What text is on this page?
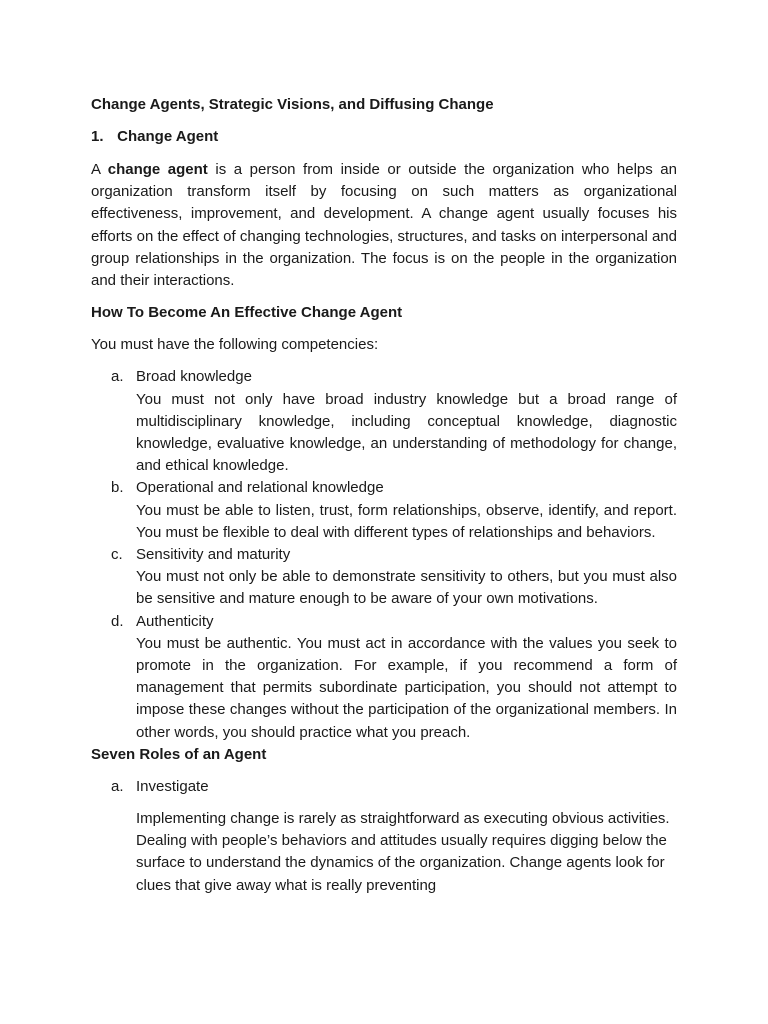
Change Agents, Strategic Visions, and Diffusing Change
1. Change Agent

A change agent is a person from inside or outside the organization who helps an organization transform itself by focusing on such matters as organizational effectiveness, improvement, and development. A change agent usually focuses his efforts on the effect of changing technologies, structures, and tasks on interpersonal and group relationships in the organization. The focus is on the people in the organization and their interactions.

How To Become An Effective Change Agent
You must have the following competencies:
a. Broad knowledge
You must not only have broad industry knowledge but a broad range of multidisciplinary knowledge, including conceptual knowledge, diagnostic knowledge, evaluative knowledge, an understanding of methodology for change, and ethical knowledge.
b. Operational and relational knowledge
You must be able to listen, trust, form relationships, observe, identify, and report. You must be flexible to deal with different types of relationships and behaviors.
c. Sensitivity and maturity
You must not only be able to demonstrate sensitivity to others, but you must also be sensitive and mature enough to be aware of your own motivations.
d. Authenticity
You must be authentic. You must act in accordance with the values you seek to promote in the organization. For example, if you recommend a form of management that permits subordinate participation, you should not attempt to impose these changes without the participation of the organizational members. In other words, you should practice what you preach.
Seven Roles of an Agent
a. Investigate
Implementing change is rarely as straightforward as executing obvious activities. Dealing with people’s behaviors and attitudes usually requires digging below the surface to understand the dynamics of the organization. Change agents look for clues that give away what is really preventing
